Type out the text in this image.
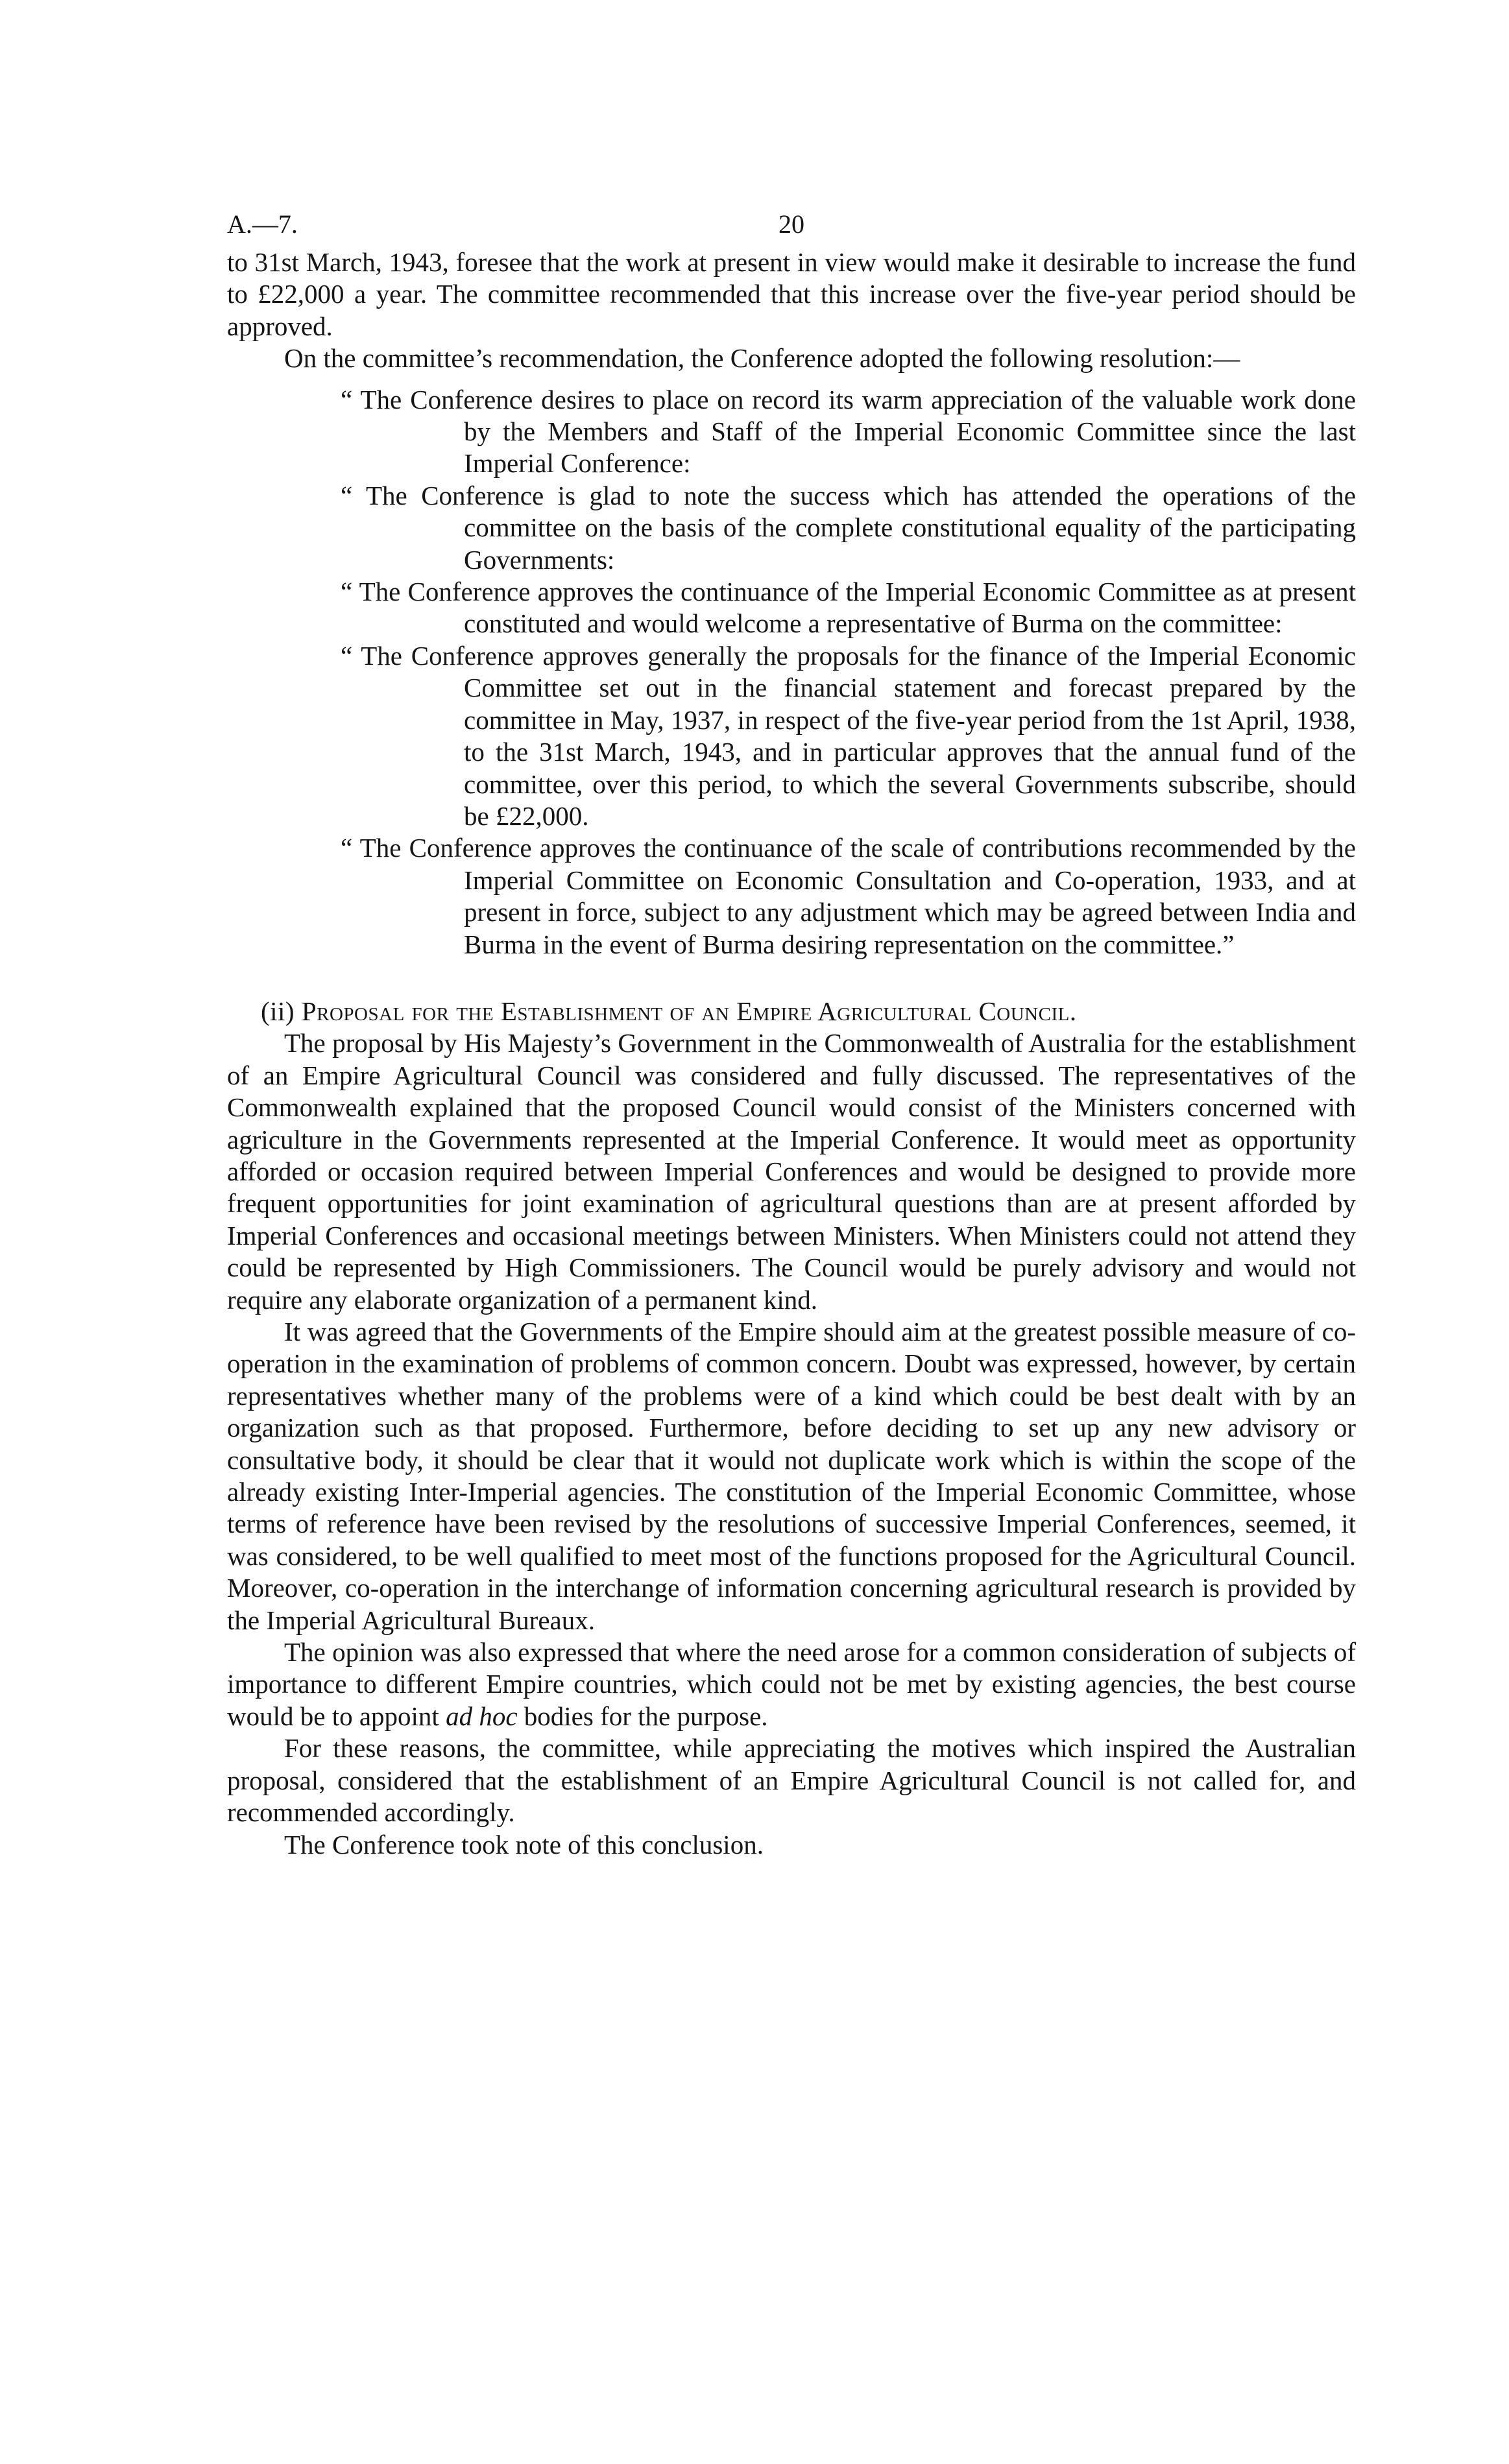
A.—7.	20

to 31st March, 1943, foresee that the work at present in view would make it desirable to increase the fund to £22,000 a year. The committee recommended that this increase over the five-year period should be approved.

On the committee’s recommendation, the Conference adopted the following resolution:—

“ The Conference desires to place on record its warm appreciation of the valuable work done by the Members and Staff of the Imperial Economic Committee since the last Imperial Conference:

“ The Conference is glad to note the success which has attended the operations of the committee on the basis of the complete constitutional equality of the participating Governments:

“ The Conference approves the continuance of the Imperial Economic Committee as at present constituted and would welcome a representative of Burma on the committee:

“ The Conference approves generally the proposals for the finance of the Imperial Economic Committee set out in the financial statement and forecast prepared by the committee in May, 1937, in respect of the five-year period from the 1st April, 1938, to the 31st March, 1943, and in particular approves that the annual fund of the committee, over this period, to which the several Governments subscribe, should be £22,000.

“ The Conference approves the continuance of the scale of contributions recommended by the Imperial Committee on Economic Consultation and Co-operation, 1933, and at present in force, subject to any adjustment which may be agreed between India and Burma in the event of Burma desiring representation on the committee.”

(ii) Proposal for the Establishment of an Empire Agricultural Council.

The proposal by His Majesty’s Government in the Commonwealth of Australia for the establishment of an Empire Agricultural Council was considered and fully discussed. The representatives of the Commonwealth explained that the proposed Council would consist of the Ministers concerned with agriculture in the Governments represented at the Imperial Conference. It would meet as opportunity afforded or occasion required between Imperial Conferences and would be designed to provide more frequent opportunities for joint examination of agricultural questions than are at present afforded by Imperial Conferences and occasional meetings between Ministers. When Ministers could not attend they could be represented by High Commissioners. The Council would be purely advisory and would not require any elaborate organization of a permanent kind.

It was agreed that the Governments of the Empire should aim at the greatest possible measure of co-operation in the examination of problems of common concern. Doubt was expressed, however, by certain representatives whether many of the problems were of a kind which could be best dealt with by an organization such as that proposed. Furthermore, before deciding to set up any new advisory or consultative body, it should be clear that it would not duplicate work which is within the scope of the already existing Inter-Imperial agencies. The constitution of the Imperial Economic Committee, whose terms of reference have been revised by the resolutions of successive Imperial Conferences, seemed, it was considered, to be well qualified to meet most of the functions proposed for the Agricultural Council. Moreover, co-operation in the interchange of information concerning agricultural research is provided by the Imperial Agricultural Bureaux.

The opinion was also expressed that where the need arose for a common consideration of subjects of importance to different Empire countries, which could not be met by existing agencies, the best course would be to appoint ad hoc bodies for the purpose.

For these reasons, the committee, while appreciating the motives which inspired the Australian proposal, considered that the establishment of an Empire Agricultural Council is not called for, and recommended accordingly.

The Conference took note of this conclusion.
